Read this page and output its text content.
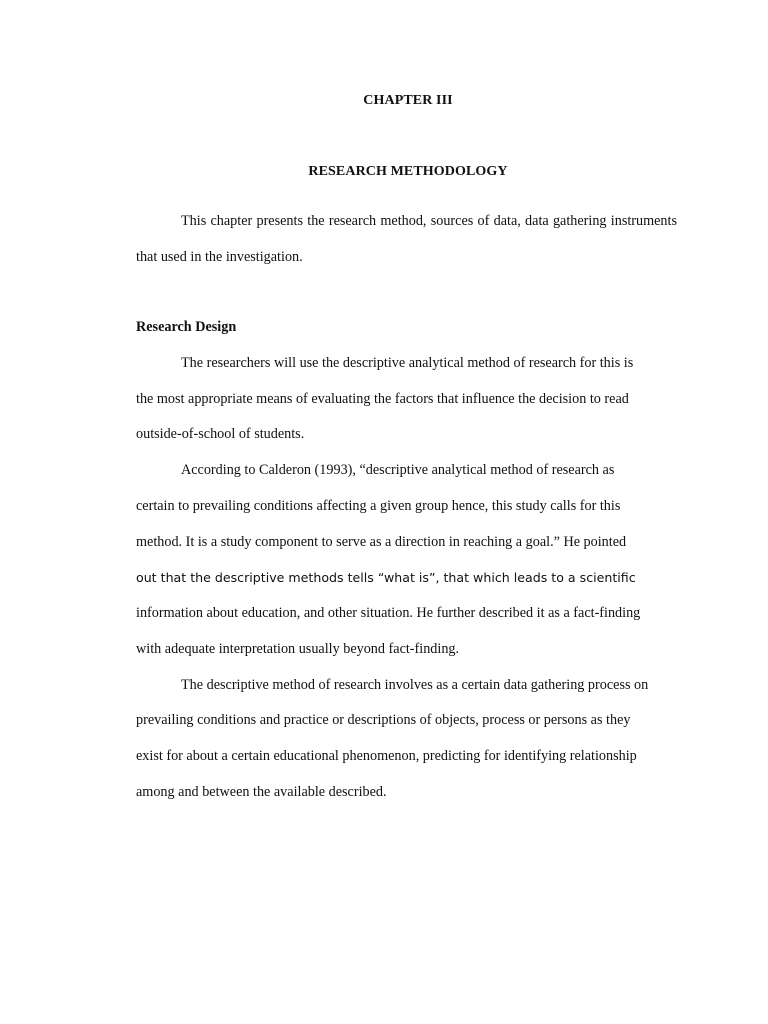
CHAPTER III
RESEARCH METHODOLOGY

This chapter presents the research method, sources of data, data gathering instruments that used in the investigation.

Research Design

The researchers will use the descriptive analytical method of research for this is

the most appropriate means of evaluating the factors that influence the decision to read

outside-of-school of students.

According to Calderon (1993), “descriptive analytical method of research as

certain to prevailing conditions affecting a given group hence, this study calls for this

method. It is a study component to serve as a direction in reaching a goal.” He pointed

out that the descriptive methods tells “what is”, that which leads to a scientific

information about education, and other situation. He further described it as a fact-finding

with adequate interpretation usually beyond fact-finding.

The descriptive method of research involves as a certain data gathering process on

prevailing conditions and practice or descriptions of objects, process or persons as they

exist for about a certain educational phenomenon, predicting for identifying relationship

among and between the available described.
